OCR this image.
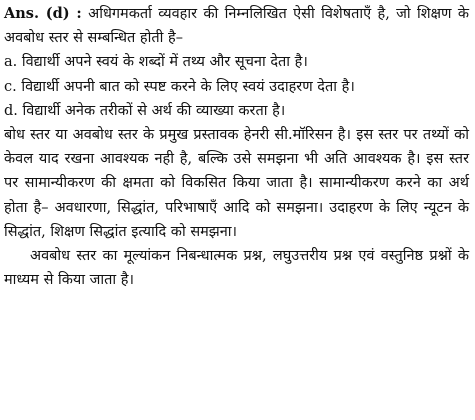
Ans. (d) : अधिगमकर्ता व्यवहार की निम्नलिखित ऐसी विशेषताएँ है, जो शिक्षण के अवबोध स्तर से सम्बन्धित होती है–

a. विद्यार्थी अपने स्वयं के शब्दों में तथ्य और सूचना देता है।

c. विद्यार्थी अपनी बात को स्पष्ट करने के लिए स्वयं उदाहरण देता है।

d. विद्यार्थी अनेक तरीकों से अर्थ की व्याख्या करता है।

बोध स्तर या अवबोध स्तर के प्रमुख प्रस्तावक हेनरी सी.मॉरिसन है। इस स्तर पर तथ्यों को केवल याद रखना आवश्यक नही है, बल्कि उसे समझना भी अति आवश्यक है। इस स्तर पर सामान्यीकरण की क्षमता को विकसित किया जाता है। सामान्यीकरण करने का अर्थ होता है– अवधारणा, सिद्धांत, परिभाषाएँ आदि को समझना। उदाहरण के लिए न्यूटन के सिद्धांत, शिक्षण सिद्धांत इत्यादि को समझना।

अवबोध स्तर का मूल्यांकन निबन्धात्मक प्रश्न, लघुउत्तरीय प्रश्न एवं वस्तुनिष्ठ प्रश्नों के माध्यम से किया जाता है।
